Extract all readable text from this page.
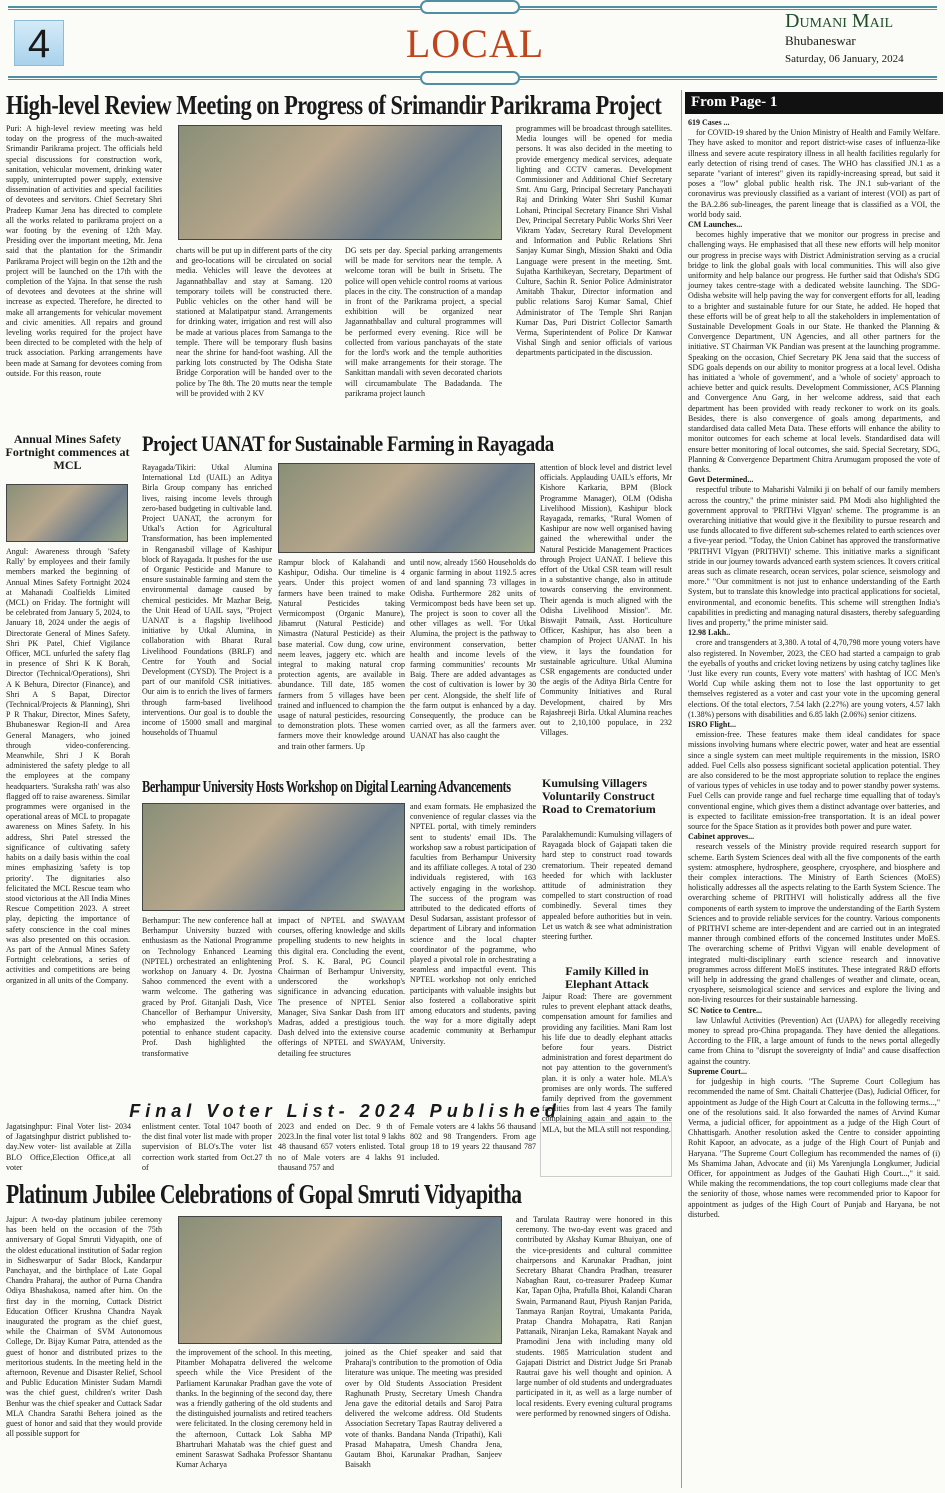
4	LOCAL	Dumani Mail
Bhubaneswar
Saturday, 06 January, 2024
High-level Review Meeting on Progress of Srimandir Parikrama Project
Puri: A high-level review meeting was held today on the progress of the much-awaited Srimandir Parikrama project. The officials held special discussions for construction work, sanitation, vehicular movement, drinking water supply, uninterrupted power supply, extensive dissemination of activities and special facilities of devotees and servitors. Chief Secretary Shri Pradeep Kumar Jena has directed to complete all the works related to parikrama project on a war footing by the evening of 12th May. Presiding over the important meeting, Mr. Jena said that the plantation for the Srimandir Parikrama Project will begin on the 12th and the project will be launched on the 17th with the completion of the Yajna. In that sense the rush of devotees and devotees at the shrine will increase as expected. Therefore, he directed to make all arrangements for vehicular movement and civic amenities. All repairs and ground leveling works required for the project have been directed to be completed with the help of truck association. Parking arrangements have been made at Samang for devotees coming from outside. For this reason, route
charts will be put up in different parts of the city and geo-locations will be circulated on social media. Vehicles will leave the devotees at Jagannathballav and stay at Samang. 120 temporary toilets will be constructed there. Public vehicles on the other hand will be stationed at Malatipatpur stand. Arrangements for drinking water, irrigation and rest will also be made at various places from Samanga to the temple. There will be temporary flush basins near the shrine for hand-foot washing. All the parking lots constructed by The Odisha State Bridge Corporation will be handed over to the police by The 8th. The 20 mutts near the temple will be provided with 2 KV
DG sets per day. Special parking arrangements will be made for servitors near the temple. A welcome toran will be built in Srisetu. The police will open vehicle control rooms at various places in the city. The construction of a mandap in front of the Parikrama project, a special exhibition will be organized near Jagannathballav and cultural programmes will be performed every evening. Rice will be collected from various panchayats of the state for the lord's work and the temple authorities will make arrangements for their storage. The Sankittan mandali with seven decorated chariots will circumambulate The Badadanda. The parikrama project launch
programmes will be broadcast through satellites. Media lounges will be opened for media persons. It was also decided in the meeting to provide emergency medical services, adequate lighting and CCTV cameras. Development Commissioner and Additional Chief Secretary Smt. Anu Garg, Principal Secretary Panchayati Raj and Drinking Water Shri Sushil Kumar Lohani, Principal Secretary Finance Shri Vishal Dev, Principal Secretary Public Works Shri Veer Vikram Yadav, Secretary Rural Development and Information and Public Relations Shri Sanjay Kumar Singh, Mission Shakti and Odia Language were present in the meeting. Smt. Sujatha Karthikeyan, Secretary, Department of Culture, Sachin R. Senior Police Administrator Amitabh Thakur, Director information and public relations Saroj Kumar Samal, Chief Administrator of The Temple Shri Ranjan Kumar Das, Puri District Collector Samarth Verma, Superintendent of Police Dr Kanwar Vishal Singh and senior officials of various departments participated in the discussion.
Annual Mines Safety Fortnight commences at MCL
Angul: Awareness through 'Safety Rally' by employees and their family members marked the beginning of Annual Mines Safety Fortnight 2024 at Mahanadi Coalfields Limited (MCL) on Friday. The fortnight will be celebrated from January 5, 2024, to January 18, 2024 under the aegis of Directorate General of Mines Safety. Shri PK Patel, Chief Vigilance Officer, MCL unfurled the safety flag in presence of Shri K K Borah, Director (Technical/Operations), Shri A K Behura, Director (Finance), and Shri A S Bapat, Director (Technical/Projects & Planning), Shri P R Thakur, Director, Mines Safety, Bhubaneswar Region-II and Area General Managers, who joined through video-conferencing. Meanwhile, Shri J K Borah administered the safety pledge to all the employees at the company headquarters. 'Suraksha rath' was also flagged off to raise awareness. Similar programmes were organised in the operational areas of MCL to propagate awareness on Mines Safety. In his address, Shri Patel stressed the significance of cultivating safety habits on a daily basis within the coal mines emphasizing 'safety is top priority'. The dignitaries also felicitated the MCL Rescue team who stood victorious at the All India Mines Rescue Competition 2023. A street play, depicting the importance of safety conscience in the coal mines was also presented on this occasion. As part of the Annual Mines Safety Fortnight celebrations, a series of activities and competitions are being organized in all units of the Company.
Project UANAT for Sustainable Farming in Rayagada
Rayagada/Tikiri: Utkal Alumina International Ltd (UAIL) an Aditya Birla Group company has enriched lives, raising income levels through zero-based budgeting in cultivable land. Project UANAT, the acronym for Utkal's Action for Agricultural Transformation, has been implemented in Renganasbil village of Kashipur block of Rayagada. It pushes for the use of Organic Pesticide and Manure to ensure sustainable farming and stem the environmental damage caused by chemical pesticides. Mr Mazhar Beig, the Unit Head of UAIL says, "Project UANAT is a flagship livelihood initiative by Utkal Alumina, in collaboration with Bharat Rural Livelihood Foundations (BRLF) and Centre for Youth and Social Development (CYSD). The Project is a part of our manifold CSR initiatives. Our aim is to enrich the lives of farmers through farm-based livelihood interventions. Our goal is to double the income of 15000 small and marginal households of Thuamul
Rampur block of Kalahandi and Kashipur, Odisha. Our timeline is 4 years. Under this project women farmers have been trained to make Natural Pesticides taking Vermicompost (Organic Manure), Jibamrut (Natural Pesticide) and Nimastra (Natural Pesticide) as their base material. Cow dung, cow urine, neem leaves, jaggery etc. which are integral to making natural crop protection agents, are available in abundance. Till date, 185 women farmers from 5 villages have been trained and influenced to champion the usage of natural pesticides, resourcing to demonstration plots. These women farmers move their knowledge around and train other farmers. Up
until now, already 1560 Households do organic farming in about 1192.5 acres of and land spanning 73 villages in Odisha. Furthermore 282 units of Vermicompost beds have been set up. The project is soon to cover all the other villages as well. 'For Utkal Alumina, the project is the pathway to environment conservation, better health and income levels of the farming communities' recounts Mr Baig. There are added advantages as the cost of cultivation is lower by 30 per cent. Alongside, the shelf life of the farm output is enhanced by a day. Consequently, the produce can be carried over, as all the farmers aver. UANAT has also caught the
attention of block level and district level officials. Applauding UAIL's efforts, Mr Kishore Karkaria, BPM (Block Programme Manager), OLM (Odisha Livelihood Mission), Kashipur block Rayagada, remarks, "Rural Women of Kashipur are now well organised having gained the wherewithal under the Natural Pesticide Management Practices through Project UANAT. I believe this effort of the Utkal CSR team will result in a substantive change, also in attitude towards conserving the environment. Their agenda is much aligned with the Odisha Livelihood Mission". Mr. Biswajit Patnaik, Asst. Horticulture Officer, Kashipur, has also been a champion of Project UANAT. In his view, it lays the foundation for sustainable agriculture. Utkal Alumina CSR engagements are conducted under the aegis of the Aditya Birla Centre for Community Initiatives and Rural Development, chaired by Mrs Rajashreeji Birla. Utkal Alumina reaches out to 2,10,100 populace, in 232 Villages.
Berhampur University Hosts Workshop on Digital Learning Advancements
and exam formats. He emphasized the convenience of regular classes via the NPTEL portal, with timely reminders sent to students' email IDs. The workshop saw a robust participation of faculties from Berhampur University and its affiliate colleges. A total of 230 individuals registered, with 163 actively engaging in the workshop. The success of the program was attributed to the dedicated efforts of Desul Sudarsan, assistant professor of department of Library and information science and the local chapter coordinator of the pogramme, who played a pivotal role in orchestrating a seamless and impactful event. This NPTEL workshop not only enriched participants with valuable insights but also fostered a collaborative spirit among educators and students, paving the way for a more digitally adept academic community at Berhampur University.
Berhampur: The new conference hall at Berhampur University buzzed with enthusiasm as the National Programme on Technology Enhanced Learning (NPTEL) orchestrated an enlightening workshop on January 4. Dr. Jyostna Sahoo commenced the event with a warm welcome. The gathering was graced by Prof. Gitanjali Dash, Vice Chancellor of Berhampur University, who emphasized the workshop's potential to enhance student capacity. Prof. Dash highlighted the transformative
impact of NPTEL and SWAYAM courses, offering knowledge and skills propelling students to new heights in this digital era. Concluding the event, Prof. S. K. Baral, PG Council Chairman of Berhampur University, underscored the workshop's significance in advancing education. The presence of NPTEL Senior Manager, Siva Sankar Dash from IIT Madras, added a prestigious touch. Dash delved into the extensive course offerings of NPTEL and SWAYAM, detailing fee structures
Kumulsing Villagers Voluntarily Construct Road to Crematorium
Paralakhemundi: Kumulsing villagers of Rayagada block of Gajapati taken die hard step to construct road towards crematorium. Their repeated demand heeded for which with lackluster attitude of administration they compelled to start construction of road combinedly. Several times they appealed before authorities but in vein. Let us watch & see what administration steering further.
Family Killed in Elephant Attack
Jaipur Road: There are government rules to prevent elephant attack deaths, compensation amount for families and providing any facilities. Mani Ram lost his life due to deadly elephant attacks before four years. District administration and forest department do not pay attention to the government's plan. it is only a water hole. MLA's promises are only words. The suffered family deprived from the government facilities from last 4 years The family complaining again and again to the MLA, but the MLA still not responding.
Final Voter List- 2024 Published
Jagatsinghpur: Final Voter list- 2034 of Jagatsinghpur district published to- day.New voter- list available at Zilla BLO Office,Election Office,at all voter
enlistment center. Total 1047 booth of the dist final voter list made with proper supervision of BLO's.The voter list correction work started from Oct.27 th of
2023 and ended on Dec. 9 th of 2023.In the final voter list total 9 lakhs 48 thausand 657 voters enlisted. Total no of Male voters are 4 lakhs 91 thausand 757 and
Female voters are 4 lakhs 56 thausand 802 and 98 Trangenders. From age group 18 to 19 years 22 thausand 787 included.
Platinum Jubilee Celebrations of Gopal Smruti Vidyapitha
Jajpur: A two-day platinum jubilee ceremony has been held on the occasion of the 75th anniversary of Gopal Smruti Vidyapith, one of the oldest educational institution of Sadar region in Sidheswarpur of Sadar Block, Kandarpur Panchayat, and the birthplace of Late Gopal Chandra Praharaj, the author of Purna Chandra Odiya Bhashakosa, named after him. On the first day in the morning, Cuttack District Education Officer Krushna Chandra Nayak inaugurated the program as the chief guest, while the Chairman of SVM Autonomous College, Dr. Bijay Kumar Patra, attended as the guest of honor and distributed prizes to the meritorious students. In the meeting held in the afternoon, Revenue and Disaster Relief, School and Public Education Minister Sudam Marndi was the chief guest, children's writer Dash Benhur was the chief speaker and Cuttack Sadar MLA Chandra Sarathi Behera joined as the guest of honor and said that they would provide all possible support for
the improvement of the school. In this meeting, Pitamber Mohapatra delivered the welcome speech while the Vice President of the Parliament Karunakar Pradhan gave the vote of thanks. In the beginning of the second day, there was a friendly gathering of the old students and the distinguished journalists and retired teachers were felicitated. In the closing ceremony held in the afternoon, Cuttack Lok Sabha MP Bhartruhari Mahatab was the chief guest and eminent Saraswat Sadhaka Professor Shantanu Kumar Acharya
joined as the Chief speaker and said that Praharaj's contribution to the promotion of Odia literature was unique. The meeting was presided over by Old Students Association President Raghunath Prusty, Secretary Umesh Chandra Jena gave the editorial details and Saroj Patra delivered the welcome address. Old Students Association Secretary Tapas Rautray delivered a vote of thanks. Bandana Nanda (Tripathi), Kali Prasad Mahapatra, Umesh Chandra Jena, Gautam Bhoi, Karunakar Pradhan, Sanjeev Baisakh
and Tarulata Rautray were honored in this ceremony. The two-day event was graced and contributed by Akshay Kumar Bhuiyan, one of the vice-presidents and cultural committee chairpersons and Karunakar Pradhan, joint Secretary Bharat Chandra Pradhan, treasurer Nabaghan Raut, co-treasurer Pradeep Kumar Kar, Tapan Ojha, Prafulla Bhoi, Kalandi Charan Swain, Parmanand Raut, Piyush Ranjan Parida, Tanmaya Ranjan Roytrai, Umakanta Parida, Pratap Chandra Mohapatra, Rati Ranjan Pattanaik, Niranjan Leka, Ramakant Nayak and Pramodini Jena with including many old students. 1985 Matriculation student and Gajapati District and District Judge Sri Pranab Rautrai gave his well thought and opinion. A large number of old students and undergraduates participated in it, as well as a large number of local residents. Every evening cultural programs were performed by renowned singers of Odisha.
From Page- 1
619 Cases ...

for COVID-19 shared by the Union Ministry of Health and Family Welfare. They have asked to monitor and report district-wise cases of influenza-like illness and severe acute respiratory illness in all health facilities regularly for early detection of rising trend of cases. The WHO has classified JN.1 as a separate "variant of interest" given its rapidly-increasing spread, but said it poses a "low" global public health risk. The JN.1 sub-variant of the coronavirus was previously classified as a variant of interest (VOI) as part of the BA.2.86 sub-lineages, the parent lineage that is classified as a VOI, the world body said.

CM Launches...

becomes highly imperative that we monitor our progress in precise and challenging ways. He emphasised that all these new efforts will help monitor our progress in precise ways with District Administration serving as a crucial bridge to link the global goals with local communities. This will also give uniformity and help balance our progress. He further said that Odisha's SDG journey takes centre-stage with a dedicated website launching. The SDG-Odisha website will help paving the way for convergent efforts for all, leading to a brighter and sustainable future for our State, he added. He hoped that these efforts will be of great help to all the stakeholders in implementation of Sustainable Development Goals in our State. He thanked the Planning & Convergence Department, UN Agencies, and all other partners for the initiative. ST Chairman VK Pandian was present at the launching programme. Speaking on the occasion, Chief Secretary PK Jena said that the success of SDG goals depends on our ability to monitor progress at a local level. Odisha has initiated a 'whole of government', and a 'whole of society' approach to achieve better and quick results. Development Commissioner, ACS Planning and Convergence Anu Garg, in her welcome address, said that each department has been provided with ready reckoner to work on its goals. Besides, there is also convergence of goals among departments, and standardised data called Meta Data. These efforts will enhance the ability to monitor outcomes for each scheme at local levels. Standardised data will ensure better monitoring of local outcomes, she said. Special Secretary, SDG, Planning & Convergence Department Chitra Arumugam proposed the vote of thanks.

Govt Determined...

respectful tribute to Maharishi Valmiki ji on behalf of our family members across the country," the prime minister said. PM Modi also highlighted the government approval to 'PRITHvi VIgyan' scheme. The programme is an overarching initiative that would give it the flexibility to pursue research and use funds allocated to five different sub-schemes related to earth sciences over a five-year period. "Today, the Union Cabinet has approved the transformative 'PRITHVI VIgyan (PRITHVI)' scheme. This initiative marks a significant stride in our journey towards advanced earth system sciences. It covers critical areas such as climate research, ocean services, polar science, seismology and more." "Our commitment is not just to enhance understanding of the Earth System, but to translate this knowledge into practical applications for societal, environmental, and economic benefits. This scheme will strengthen India's capabilities in predicting and managing natural disasters, thereby safeguarding lives and property," the prime minister said.

12.98 Lakh..

crore and transgenders at 3,380. A total of 4,70,798 more young voters have also registered. In November, 2023, the CEO had started a campaign to grab the eyeballs of youths and cricket loving netizens by using catchy taglines like 'Just like every run counts, Every vote matters' with hashtag of ICC Men's World Cup while asking them not to lose the last opportunity to get themselves registered as a voter and cast your vote in the upcoming general elections. Of the total electors, 7.54 lakh (2.27%) are young voters, 4.57 lakh (1.38%) persons with disabilities and 6.85 lakh (2.06%) senior citizens.

ISRO Flight...

emission-free. These features make them ideal candidates for space missions involving humans where electric power, water and heat are essential since a single system can meet multiple requirements in the mission, ISRO added. Fuel Cells also possess significant societal application potential. They are also considered to be the most appropriate solution to replace the engines of various types of vehicles in use today and to power standby power systems. Fuel Cells can provide range and fuel recharge time equalling that of today's conventional engine, which gives them a distinct advantage over batteries, and is expected to facilitate emission-free transportation. It is an ideal power source for the Space Station as it provides both power and pure water.

Cabinet approves...

research vessels of the Ministry provide required research support for scheme. Earth System Sciences deal with all the five components of the earth system: atmosphere, hydrosphere, geosphere, cryosphere, and biosphere and their complex interactions. The Ministry of Earth Sciences (MoES) holistically addresses all the aspects relating to the Earth System Science. The overarching scheme of PRITHVI will holistically address all the five components of earth system to improve the understanding of the Earth System Sciences and to provide reliable services for the country. Various components of PRITHVI scheme are inter-dependent and are carried out in an integrated manner through combined efforts of the concerned Institutes under MoES. The overarching scheme of Prithvi Vigyan will enable development of integrated multi-disciplinary earth science research and innovative programmes across different MoES institutes. These integrated R&D efforts will help in addressing the grand challenges of weather and climate, ocean, cryosphere, seismological science and services and explore the living and non-living resources for their sustainable harnessing.

SC Notice to Centre...

law Unlawful Activities (Prevention) Act (UAPA) for allegedly receiving money to spread pro-China propaganda. They have denied the allegations. According to the FIR, a large amount of funds to the news portal allegedly came from China to "disrupt the sovereignty of India" and cause disaffection against the country.

Supreme Court...

for judgeship in high courts. "The Supreme Court Collegium has recommended the name of Smt. Chaitali Chatterjee (Das), Judicial Officer, for appointment as Judge of the High Court at Calcutta in the following terms...," one of the resolutions said. It also forwarded the names of Arvind Kumar Verma, a judicial officer, for appointment as a judge of the High Court of Chhattisgarh. Another resolution asked the Centre to consider appointing Rohit Kapoor, an advocate, as a judge of the High Court of Punjab and Haryana. "The Supreme Court Collegium has recommended the names of (i) Ms Shamima Jahan, Advocate and (ii) Ms Yarenjungla Longkumer, Judicial Officer, for appointment as Judges of the Gauhati High Court...," it said. While making the recommendations, the top court collegiums made clear that the seniority of those, whose names were recommended prior to Kapoor for appointment as judges of the High Court of Punjab and Haryana, be not disturbed.
